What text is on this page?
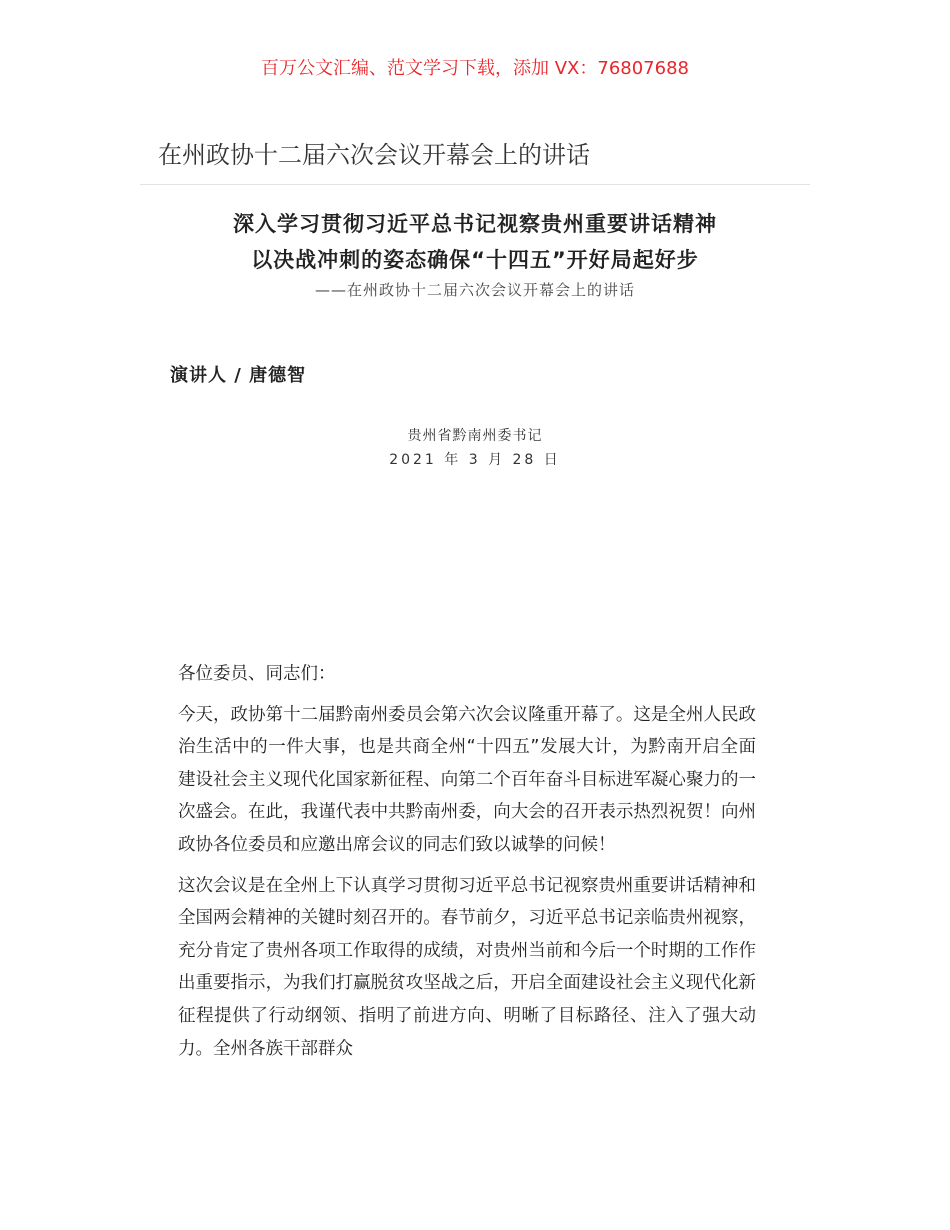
百万公文汇编、范文学习下载，添加 VX：76807688
在州政协十二届六次会议开幕会上的讲话
深入学习贯彻习近平总书记视察贵州重要讲话精神
以决战冲刺的姿态确保“十四五”开好局起好步
——在州政协十二届六次会议开幕会上的讲话
演讲人 / 唐德智
贵州省黔南州委书记
2021 年 3 月 28 日

各位委员、同志们：

今天，政协第十二届黔南州委员会第六次会议隆重开幕了。这是全州人民政治生活中的一件大事，也是共商全州“十四五”发展大计，为黔南开启全面建设社会主义现代化国家新征程、向第二个百年奋斗目标进军凝心聚力的一次盛会。在此，我谨代表中共黔南州委，向大会的召开表示热烈祝贺！向州政协各位委员和应邀出席会议的同志们致以诚挚的问候！

这次会议是在全州上下认真学习贯彻习近平总书记视察贵州重要讲话精神和全国两会精神的关键时刻召开的。春节前夕，习近平总书记亲临贵州视察，充分肯定了贵州各项工作取得的成绩，对贵州当前和今后一个时期的工作作出重要指示，为我们打赢脱贫攻坚战之后，开启全面建设社会主义现代化新征程提供了行动纲领、指明了前进方向、明晰了目标路径、注入了强大动力。全州各族干部群众
